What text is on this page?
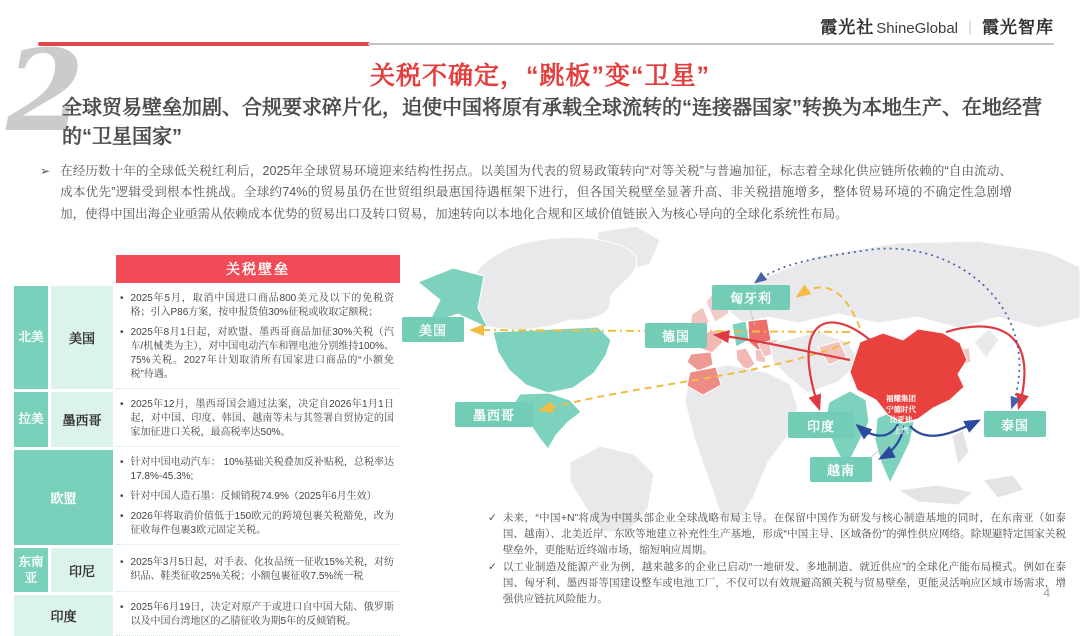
霞光社 ShineGlobal ｜ 霞光智库
2	关税不确定，“跳板”变“卫星”
全球贸易壁垒加剧、合规要求碎片化，迫使中国将原有承载全球流转的“连接器国家”转换为本地生产、在地经营的“卫星国家”
➢ 在经历数十年的全球低关税红利后，2025年全球贸易环境迎来结构性拐点。以美国为代表的贸易政策转向“对等关税”与普遍加征，标志着全球化供应链所依赖的“自由流动、成本优先”逻辑受到根本性挑战。全球约74%的贸易虽仍在世贸组织最惠国待遇框架下进行，但各国关税壁垒显著升高、非关税措施增多，整体贸易环境的不确定性急剧增加，使得中国出海企业亟需从依赖成本优势的贸易出口及转口贸易，加速转向以本地化合规和区域价值链嵌入为核心导向的全球化系统性布局。
关税壁垒
北美	美国
• 2025年5月，取消中国进口商品800美元及以下的免税资格；引入P86方案，按申报货值30%征税或收取定额税；
• 2025年8月1日起，对欧盟、墨西哥商品加征30%关税（汽车/机械类为主），对中国电动汽车和锂电池分别维持100%、75%关税。2027年计划取消所有国家进口商品的“小额免税”待遇。
拉美	墨西哥
• 2025年12月，墨西哥国会通过法案，决定自2026年1月1日起，对中国、印度、韩国、越南等未与其签署自贸协定的国家加征进口关税，最高税率达50%。
欧盟
• 针对中国电动汽车： 10%基础关税叠加反补贴税，总税率达17.8%-45.3%;
• 针对中国人造石墨：反倾销税74.9%（2025年6月生效）
• 2026年将取消价值低于150欧元的跨境包裹关税豁免，改为征收每件包裹3欧元固定关税。
东南亚	印尼
• 2025年3月5日起，对手表、化妆品统一征收15%关税，对纺织品、鞋类征收25%关税；小额包裹征收7.5%统一税
印度
• 2025年6月19日，决定对原产于或进口自中国大陆、俄罗斯以及中国台湾地区的乙腈征收为期5年的反倾销税。
美国
墨西哥
匈牙利
德国
印度	泰国
越南
福耀集团
宁德时代
比亚迪
上汽
✓ 未来，“中国+N”将成为中国头部企业全球战略布局主导。在保留中国作为研发与核心制造基地的同时，在东南亚（如泰国、越南）、北美近岸、东欧等地建立补充性生产基地，形成“中国主导、区域备份”的弹性供应网络。除规避特定国家关税壁垒外，更能贴近终端市场，缩短响应周期。
✓ 以工业制造及能源产业为例，越来越多的企业已启动“一地研发、多地制造、就近供应”的全球化产能布局模式。例如在泰国、匈牙利、墨西哥等国建设整车或电池工厂，不仅可以有效规避高额关税与贸易壁垒，更能灵活响应区域市场需求，增强供应链抗风险能力。	4
